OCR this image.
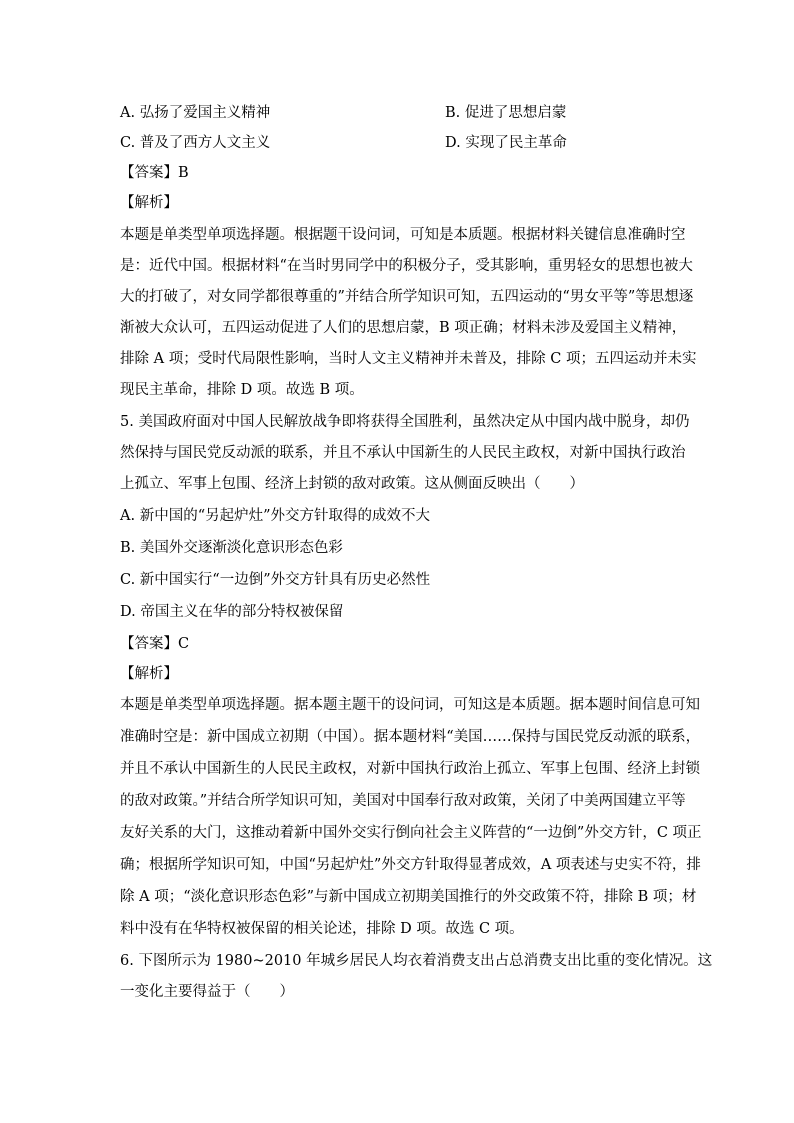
A. 弘扬了爱国主义精神	B. 促进了思想启蒙
C. 普及了西方人文主义	D. 实现了民主革命
【答案】B
【解析】
本题是单类型单项选择题。根据题干设问词，可知是本质题。根据材料关键信息准确时空
是：近代中国。根据材料“在当时男同学中的积极分子，受其影响，重男轻女的思想也被大
大的打破了，对女同学都很尊重的”并结合所学知识可知，五四运动的“男女平等”等思想逐
渐被大众认可，五四运动促进了人们的思想启蒙，B 项正确；材料未涉及爱国主义精神，
排除 A 项；受时代局限性影响，当时人文主义精神并未普及，排除 C 项；五四运动并未实
现民主革命，排除 D 项。故选 B 项。
5. 美国政府面对中国人民解放战争即将获得全国胜利，虽然决定从中国内战中脱身，却仍
然保持与国民党反动派的联系，并且不承认中国新生的人民民主政权，对新中国执行政治
上孤立、军事上包围、经济上封锁的敌对政策。这从侧面反映出（　　）
A. 新中国的“另起炉灶”外交方针取得的成效不大
B. 美国外交逐渐淡化意识形态色彩
C. 新中国实行“一边倒”外交方针具有历史必然性
D. 帝国主义在华的部分特权被保留
【答案】C
【解析】
本题是单类型单项选择题。据本题主题干的设问词，可知这是本质题。据本题时间信息可知
准确时空是：新中国成立初期（中国）。据本题材料“美国……保持与国民党反动派的联系，
并且不承认中国新生的人民民主政权，对新中国执行政治上孤立、军事上包围、经济上封锁
的敌对政策。”并结合所学知识可知，美国对中国奉行敌对政策，关闭了中美两国建立平等
友好关系的大门，这推动着新中国外交实行倒向社会主义阵营的“一边倒”外交方针，C 项正
确；根据所学知识可知，中国“另起炉灶”外交方针取得显著成效，A 项表述与史实不符，排
除 A 项；“淡化意识形态色彩”与新中国成立初期美国推行的外交政策不符，排除 B 项；材
料中没有在华特权被保留的相关论述，排除 D 项。故选 C 项。
6. 下图所示为 1980~2010 年城乡居民人均衣着消费支出占总消费支出比重的变化情况。这
一变化主要得益于（　　）
